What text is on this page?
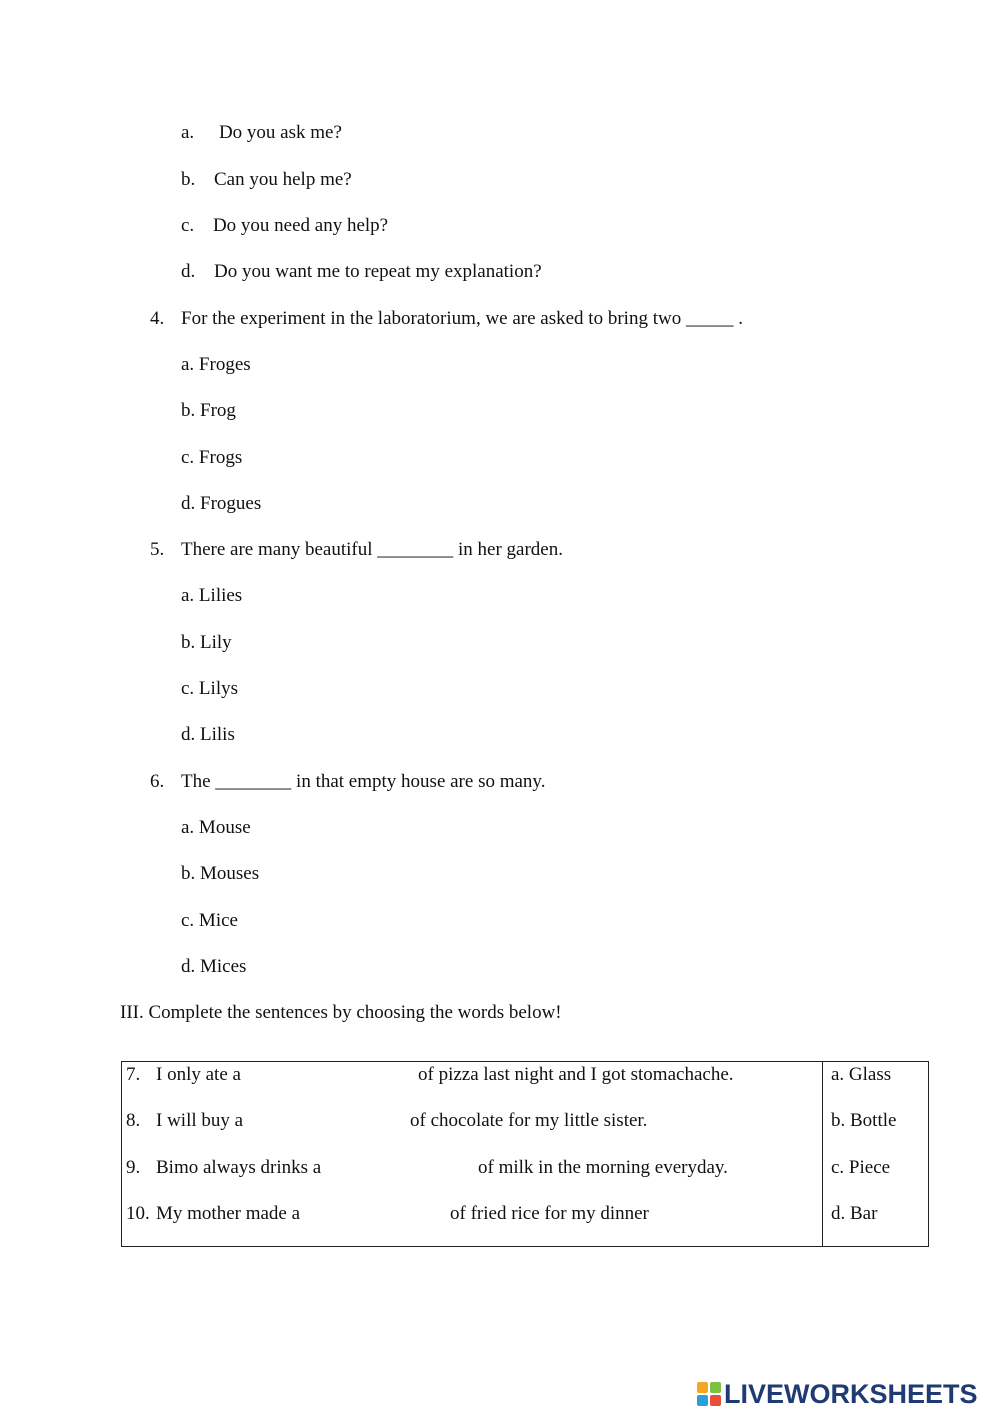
a. Do you ask me?
b. Can you help me?
c. Do you need any help?
d. Do you want me to repeat my explanation?
4. For the experiment in the laboratorium, we are asked to bring two _____ .
a. Froges
b. Frog
c. Frogs
d. Frogues
5. There are many beautiful ________ in her garden.
a. Lilies
b. Lily
c. Lilys
d. Lilis
6. The ________ in that empty house are so many.
a. Mouse
b. Mouses
c. Mice
d. Mices
III. Complete the sentences by choosing the words below!
7. I only ate a	of pizza last night and I got stomachache.	a. Glass
8. I will buy a	of chocolate for my little sister.	b. Bottle
9. Bimo always drinks a	of milk in the morning everyday.	c. Piece
10. My mother made a	of fried rice for my dinner	d. Bar
LIVEWORKSHEETS
